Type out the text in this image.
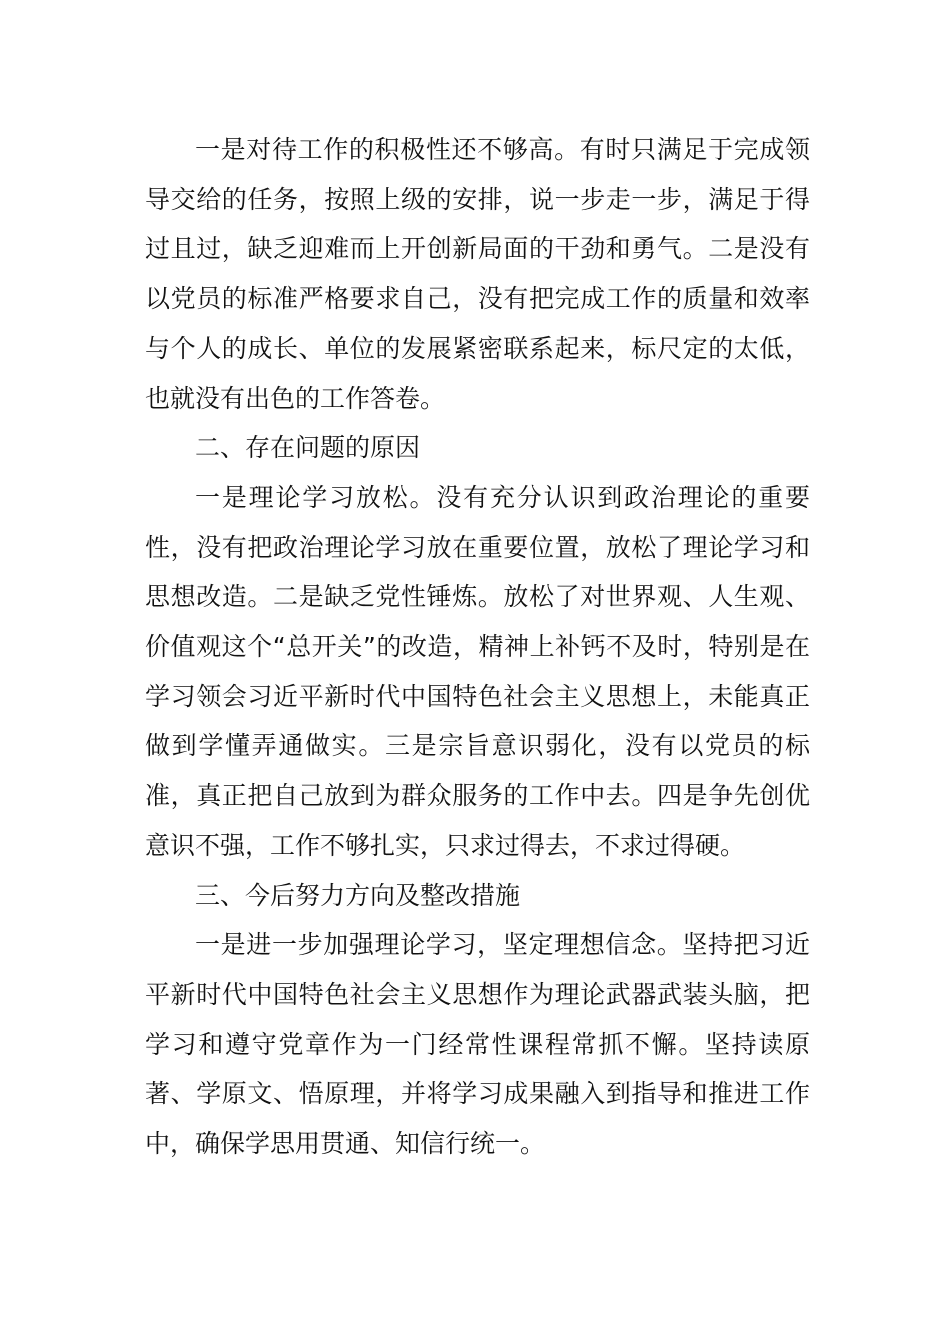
一是对待工作的积极性还不够高。有时只满足于完成领导交给的任务，按照上级的安排，说一步走一步，满足于得过且过，缺乏迎难而上开创新局面的干劲和勇气。二是没有以党员的标准严格要求自己，没有把完成工作的质量和效率与个人的成长、单位的发展紧密联系起来，标尺定的太低，也就没有出色的工作答卷。

二、存在问题的原因

一是理论学习放松。没有充分认识到政治理论的重要性，没有把政治理论学习放在重要位置，放松了理论学习和思想改造。二是缺乏党性锤炼。放松了对世界观、人生观、价值观这个“总开关”的改造，精神上补钙不及时，特别是在学习领会习近平新时代中国特色社会主义思想上，未能真正做到学懂弄通做实。三是宗旨意识弱化，没有以党员的标准，真正把自己放到为群众服务的工作中去。四是争先创优意识不强，工作不够扎实，只求过得去，不求过得硬。

三、今后努力方向及整改措施

一是进一步加强理论学习，坚定理想信念。坚持把习近平新时代中国特色社会主义思想作为理论武器武装头脑，把学习和遵守党章作为一门经常性课程常抓不懈。坚持读原著、学原文、悟原理，并将学习成果融入到指导和推进工作中，确保学思用贯通、知信行统一。
